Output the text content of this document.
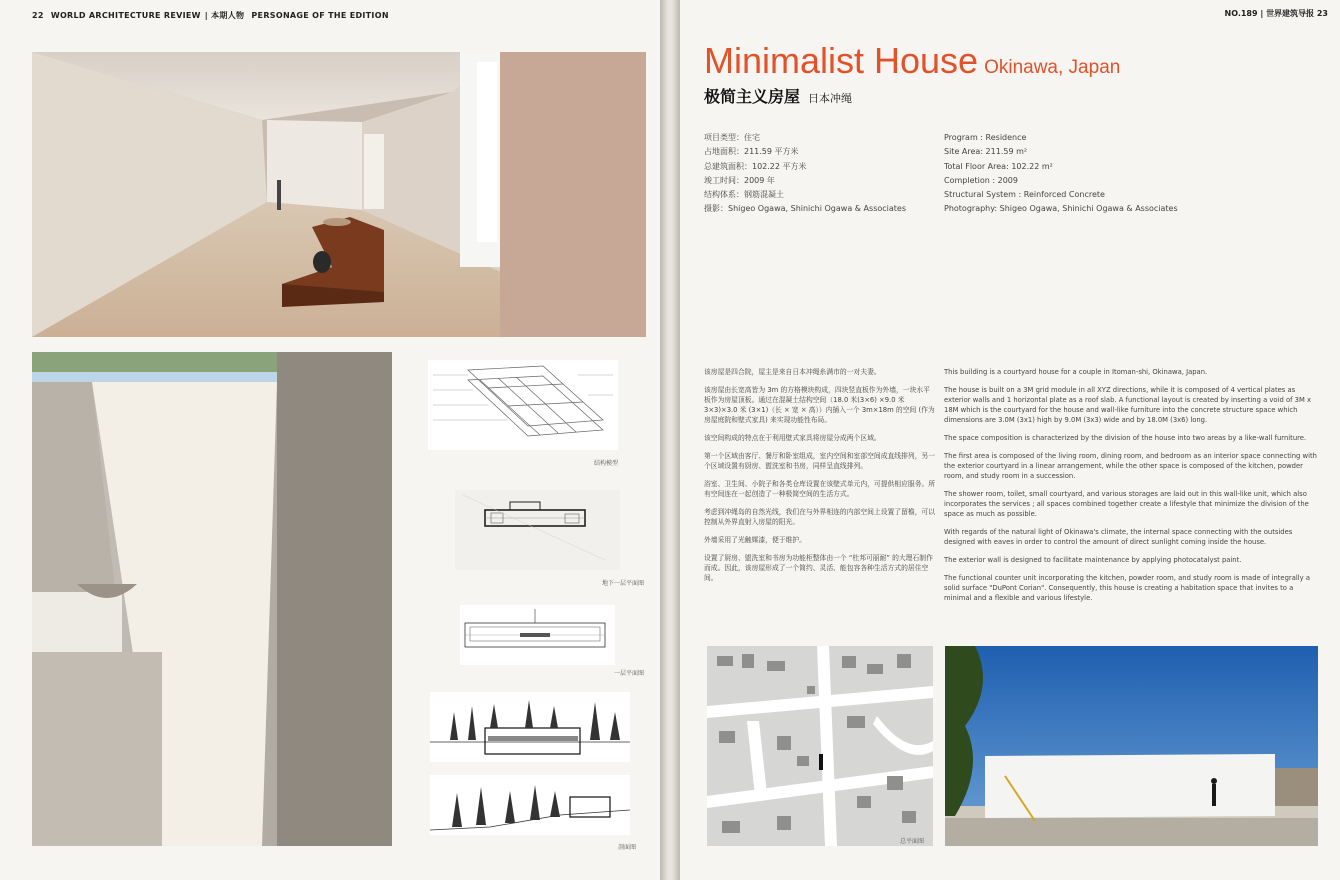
22 WORLD ARCHITECTURE REVIEW | 本期人物 PERSONAGE OF THE EDITION
结构模型
地下一层平面图
一层平面图
剖面图
NO.189 | 世界建筑导报 23
Minimalist House Okinawa, Japan
极简主义房屋 日本冲绳
项目类型：住宅
占地面积：211.59 平方米
总建筑面积：102.22 平方米
竣工时间：2009 年
结构体系：钢筋混凝土
摄影：Shigeo Ogawa, Shinichi Ogawa & Associates
Program : Residence
Site Area: 211.59 m²
Total Floor Area: 102.22 m²
Completion : 2009
Structural System : Reinforced Concrete
Photography: Shigeo Ogawa, Shinichi Ogawa & Associates

该房屋是四合院，屋主是来自日本冲绳糸满市的一对夫妻。

该房屋由长宽高皆为 3m 的方格模块构成，四块竖直板作为外墙，一块水平板作为房屋顶板。通过在混凝土结构空间（18.0 米(3×6) ×9.0 米 3×3)×3.0 米 (3×1)（长 × 宽 × 高））内插入一个 3m×18m 的空间 (作为房屋庭院和壁式家具) 来实现功能性布局。

该空间构成的特点在于利用壁式家具将房屋分成两个区域。

第一个区域由客厅、餐厅和卧室组成，室内空间和室部空间成直线排列，另一个区域设置有厨房、盥洗室和书房，同样呈直线排列。

浴室、卫生间、小院子和各类仓库设置在该壁式单元内，可提供相应服务。所有空间连在一起创造了一种极简空间的生活方式。

考虑到冲绳岛的自然光线，我们在与外界相连的内部空间上设置了留檐，可以控制从外界直射入房屋的阳光。

外墙采用了光触媒漆，便于维护。

设置了厨房、盥洗室和书房为功能柜整体由一个 “杜邦可丽耐” 的大理石制作而成。因此，该房屋形成了一个简约、灵活、能包容各种生活方式的居住空间。

This building is a courtyard house for a couple in Itoman-shi, Okinawa, Japan.

The house is built on a 3M grid module in all XYZ directions, while it is composed of 4 vertical plates as exterior walls and 1 horizontal plate as a roof slab. A functional layout is created by inserting a void of 3M x 18M which is the courtyard for the house and wall-like furniture into the concrete structure space which dimensions are 3.0M (3x1) high by 9.0M (3x3) wide and by 18.0M (3x6) long.

The space composition is characterized by the division of the house into two areas by a like-wall furniture.

The first area is composed of the living room, dining room, and bedroom as an interior space connecting with the exterior courtyard in a linear arrangement, while the other space is composed of the kitchen, powder room, and study room in a succession.

The shower room, toilet, small courtyard, and various storages are laid out in this wall-like unit, which also incorporates the services ; all spaces combined together create a lifestyle that minimize the division of the space as much as possible.

With regards of the natural light of Okinawa's climate, the internal space connecting with the outsides designed with eaves in order to control the amount of direct sunlight coming inside the house.

The exterior wall is designed to facilitate maintenance by applying photocatalyst paint.

The functional counter unit incorporating the kitchen, powder room, and study room is made of integrally a solid surface "DuPont Corian". Consequently, this house is creating a habitation space that invites to a minimal and a flexible and various lifestyle.

总平面图
